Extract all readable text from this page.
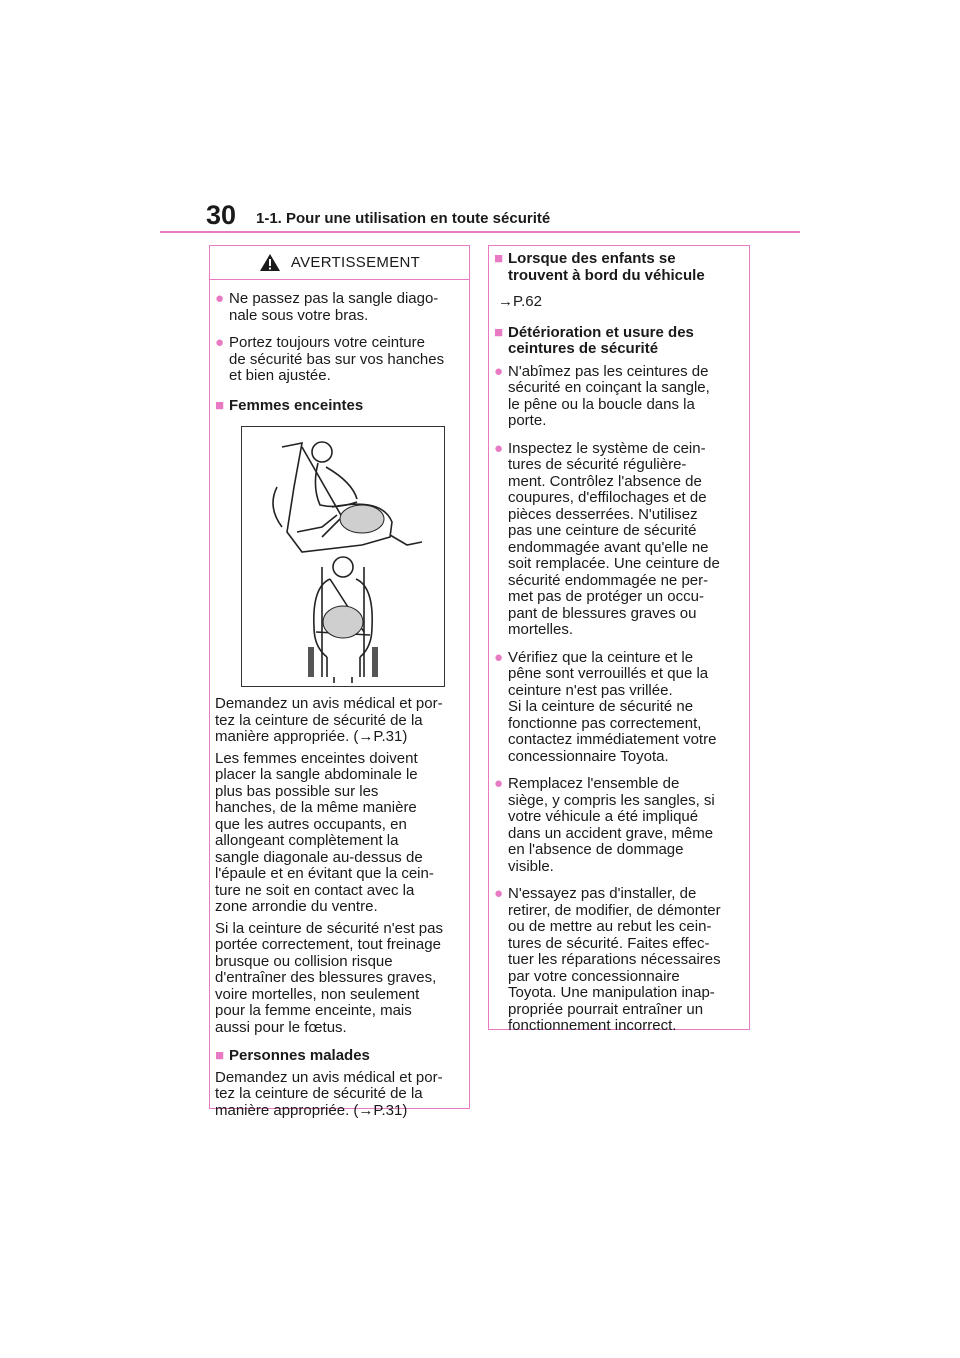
30 1-1. Pour une utilisation en toute sécurité
AVERTISSEMENT
● Ne passez pas la sangle diago-
nale sous votre bras.
● Portez toujours votre ceinture
de sécurité bas sur vos hanches
et bien ajustée.
■ Femmes enceintes
Demandez un avis médical et por-
tez la ceinture de sécurité de la
manière appropriée. (→P.31)
Les femmes enceintes doivent
placer la sangle abdominale le
plus bas possible sur les
hanches, de la même manière
que les autres occupants, en
allongeant complètement la
sangle diagonale au-dessus de
l'épaule et en évitant que la cein-
ture ne soit en contact avec la
zone arrondie du ventre.
Si la ceinture de sécurité n'est pas
portée correctement, tout freinage
brusque ou collision risque
d'entraîner des blessures graves,
voire mortelles, non seulement
pour la femme enceinte, mais
aussi pour le fœtus.
■ Personnes malades
Demandez un avis médical et por-
tez la ceinture de sécurité de la
manière appropriée. (→P.31)
■ Lorsque des enfants se
trouvent à bord du véhicule
→P.62
■ Détérioration et usure des
ceintures de sécurité
● N'abîmez pas les ceintures de
sécurité en coinçant la sangle,
le pêne ou la boucle dans la
porte.
● Inspectez le système de cein-
tures de sécurité régulière-
ment. Contrôlez l'absence de
coupures, d'effilochages et de
pièces desserrées. N'utilisez
pas une ceinture de sécurité
endommagée avant qu'elle ne
soit remplacée. Une ceinture de
sécurité endommagée ne per-
met pas de protéger un occu-
pant de blessures graves ou
mortelles.
● Vérifiez que la ceinture et le
pêne sont verrouillés et que la
ceinture n'est pas vrillée.
Si la ceinture de sécurité ne
fonctionne pas correctement,
contactez immédiatement votre
concessionnaire Toyota.
● Remplacez l'ensemble de
siège, y compris les sangles, si
votre véhicule a été impliqué
dans un accident grave, même
en l'absence de dommage
visible.
● N'essayez pas d'installer, de
retirer, de modifier, de démonter
ou de mettre au rebut les cein-
tures de sécurité. Faites effec-
tuer les réparations nécessaires
par votre concessionnaire
Toyota. Une manipulation inap-
propriée pourrait entraîner un
fonctionnement incorrect.
